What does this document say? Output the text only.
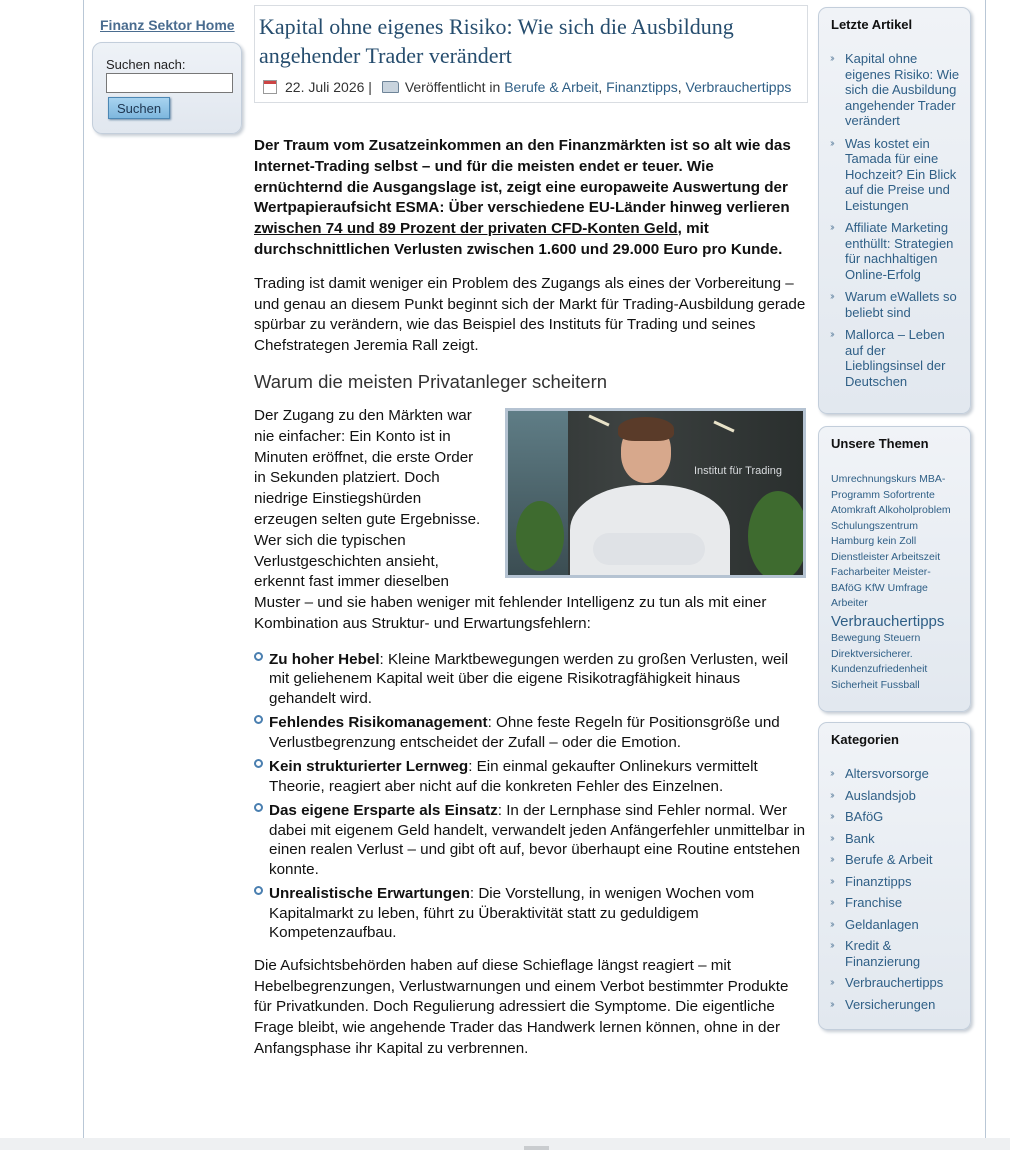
Finanz Sektor Home
Suchen nach:
Suchen
Kapital ohne eigenes Risiko: Wie sich die Ausbildung angehender Trader verändert
22. Juli 2026 | Veröffentlicht in Berufe & Arbeit, Finanztipps, Verbrauchertipps

Der Traum vom Zusatzeinkommen an den Finanzmärkten ist so alt wie das Internet-Trading selbst – und für die meisten endet er teuer. Wie ernüchternd die Ausgangslage ist, zeigt eine europaweite Auswertung der Wertpapieraufsicht ESMA: Über verschiedene EU-Länder hinweg verlieren zwischen 74 und 89 Prozent der privaten CFD-Konten Geld, mit durchschnittlichen Verlusten zwischen 1.600 und 29.000 Euro pro Kunde.

Trading ist damit weniger ein Problem des Zugangs als eines der Vorbereitung – und genau an diesem Punkt beginnt sich der Markt für Trading-Ausbildung gerade spürbar zu verändern, wie das Beispiel des Instituts für Trading und seines Chefstrategen Jeremia Rall zeigt.

Warum die meisten Privatanleger scheitern
Institut für Trading

Der Zugang zu den Märkten war nie einfacher: Ein Konto ist in Minuten eröffnet, die erste Order in Sekunden platziert. Doch niedrige Einstiegshürden erzeugen selten gute Ergebnisse. Wer sich die typischen Verlustgeschichten ansieht, erkennt fast immer dieselben Muster – und sie haben weniger mit fehlender Intelligenz zu tun als mit einer Kombination aus Struktur- und Erwartungsfehlern:

Zu hoher Hebel: Kleine Marktbewegungen werden zu großen Verlusten, weil mit geliehenem Kapital weit über die eigene Risikotragfähigkeit hinaus gehandelt wird.
Fehlendes Risikomanagement: Ohne feste Regeln für Positionsgröße und Verlustbegrenzung entscheidet der Zufall – oder die Emotion.
Kein strukturierter Lernweg: Ein einmal gekaufter Onlinekurs vermittelt Theorie, reagiert aber nicht auf die konkreten Fehler des Einzelnen.
Das eigene Ersparte als Einsatz: In der Lernphase sind Fehler normal. Wer dabei mit eigenem Geld handelt, verwandelt jeden Anfängerfehler unmittelbar in einen realen Verlust – und gibt oft auf, bevor überhaupt eine Routine entstehen konnte.
Unrealistische Erwartungen: Die Vorstellung, in wenigen Wochen vom Kapitalmarkt zu leben, führt zu Überaktivität statt zu geduldigem Kompetenzaufbau.

Die Aufsichtsbehörden haben auf diese Schieflage längst reagiert – mit Hebelbegrenzungen, Verlustwarnungen und einem Verbot bestimmter Produkte für Privatkunden. Doch Regulierung adressiert die Symptome. Die eigentliche Frage bleibt, wie angehende Trader das Handwerk lernen können, ohne in der Anfangsphase ihr Kapital zu verbrennen.

Letzte Artikel
›› Kapital ohne eigenes Risiko: Wie sich die Ausbildung angehender Trader verändert
›› Was kostet ein Tamada für eine Hochzeit? Ein Blick auf die Preise und Leistungen
›› Affiliate Marketing enthüllt: Strategien für nachhaltigen Online-Erfolg
›› Warum eWallets so beliebt sind
›› Mallorca – Leben auf der Lieblingsinsel der Deutschen
Unsere Themen
Umrechnungskurs MBA-Programm Sofortrente Atomkraft Alkoholproblem Schulungszentrum Hamburg kein Zoll Dienstleister Arbeitszeit Facharbeiter Meister-BAföG KfW Umfrage Arbeiter Verbrauchertipps Bewegung Steuern Direktversicherer. Kundenzufriedenheit Sicherheit Fussball
Kategorien
›› Altersvorsorge
›› Auslandsjob
›› BAföG
›› Bank
›› Berufe & Arbeit
›› Finanztipps
›› Franchise
›› Geldanlagen
›› Kredit & Finanzierung
›› Verbrauchertipps
›› Versicherungen
